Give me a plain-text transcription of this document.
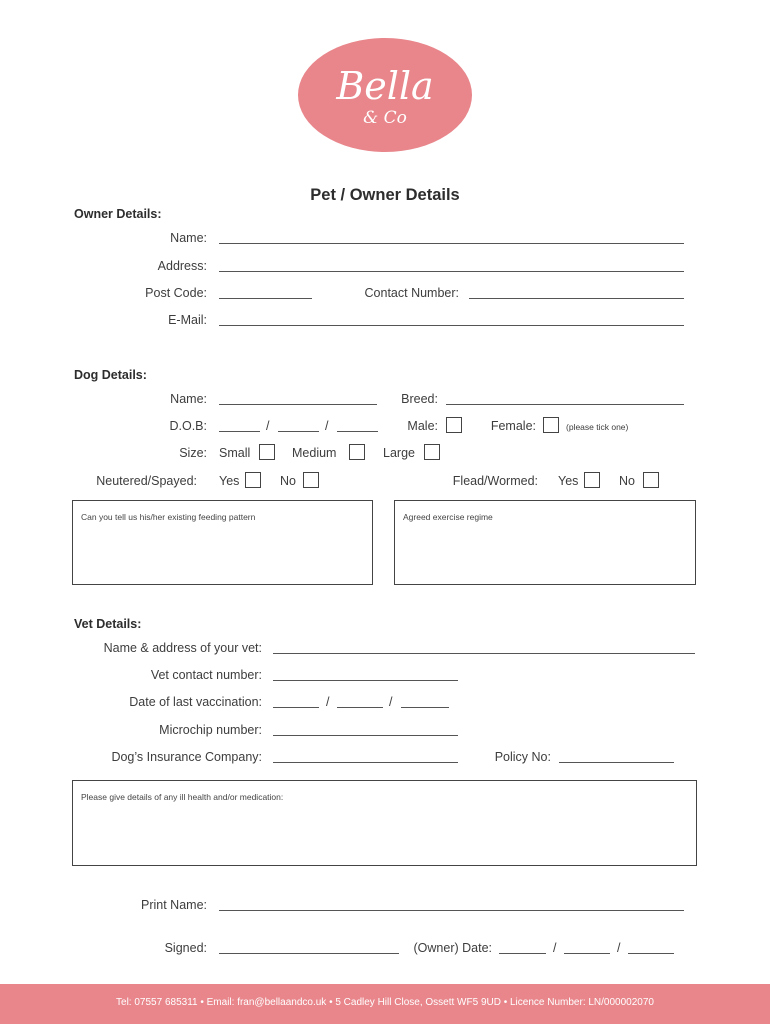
Bella
& Co
Pet / Owner Details
Owner Details:
Name:
Address:
Post Code:	Contact Number:
E-Mail:
Dog Details:
Name:	Breed:
D.O.B:	/	/	Male:	Female:	(please tick one)
Size: Small	Medium	Large
Neutered/Spayed: Yes	No	Flead/Wormed: Yes	No
Can you tell us his/her existing feeding pattern	Agreed exercise regime
Vet Details:
Name & address of your vet:
Vet contact number:
Date of last vaccination:	/	/
Microchip number:
Dog’s Insurance Company:	Policy No:
Please give details of any ill health and/or medication:
Print Name:
Signed:	(Owner) Date:	/	/
Tel: 07557 685311 • Email: fran@bellaandco.uk • 5 Cadley Hill Close, Ossett WF5 9UD • Licence Number: LN/000002070
